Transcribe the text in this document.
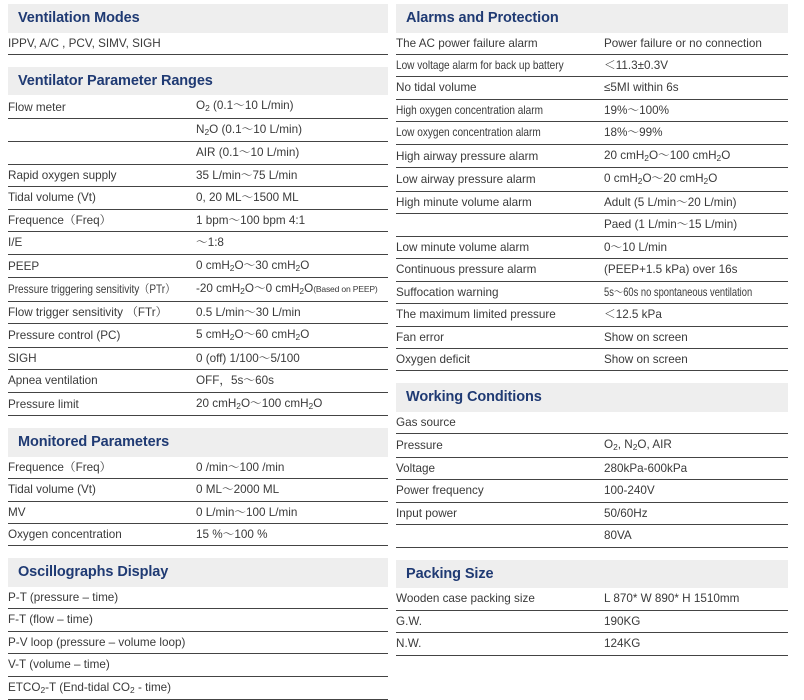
Ventilation Modes
IPPV, A/C , PCV, SIMV, SIGH
Ventilator Parameter Ranges
Flow meter	$O_2$ (0.1〜10 L/min)
	$N_2O$ (0.1〜10 L/min)
	AIR (0.1〜10 L/min)
Rapid oxygen supply	35 L/min〜75 L/min
Tidal volume (Vt)	0, 20 ML〜1500 ML
Frequence（Freq）	1 bpm〜100 bpm 4:1
I/E	〜1:8
PEEP	0 cmH$_2$O〜30 cmH$_2$O
Pressure triggering sensitivity（PTr）	-20 cmH$_2$O〜0 cmH$_2$O(Based on PEEP)
Flow trigger sensitivity （FTr）	0.5 L/min〜30 L/min
Pressure control (PC)	5 cmH$_2$O〜60 cmH$_2$O
SIGH	0 (off) 1/100〜5/100
Apnea ventilation	OFF，5s〜60s
Pressure limit	20 cmH$_2$O〜100 cmH$_2$O
Monitored Parameters
Frequence（Freq）	0 /min〜100 /min
Tidal volume (Vt)	0 ML〜2000 ML
MV	0 L/min〜100 L/min
Oxygen concentration	15 %〜100 %
Oscillographs Display
P-T (pressure – time)
F-T (flow – time)
P-V loop (pressure – volume loop)
V-T (volume – time)
$ETCO_2-T$ (End-tidal $CO_2$ - time)
Alarms and Protection
The AC power failure alarm	Power failure or no connection
Low voltage alarm for back up battery	＜11.3±0.3V
No tidal volume	≤5MI within 6s
High oxygen concentration alarm	19%〜100%
Low oxygen concentration alarm	18%〜99%
High airway pressure alarm	20 cmH$_2$O〜100 cmH$_2$O
Low airway pressure alarm	0 cmH$_2$O〜20 cmH$_2$O
High minute volume alarm	Adult (5 L/min〜20 L/min)
	Paed (1 L/min〜15 L/min)
Low minute volume alarm	0〜10 L/min
Continuous pressure alarm	(PEEP+1.5 kPa) over 16s
Suffocation warning	5s～60s no spontaneous ventilation
The maximum limited pressure	＜12.5 kPa
Fan error	Show on screen
Oxygen deficit	Show on screen
Working Conditions
Gas source	
Pressure	$O_2$, $N_2O$, AIR
Voltage	280kPa-600kPa
Power frequency	100-240V
Input power	50/60Hz
	80VA
Packing Size
Wooden case packing size	L 870* W 890* H 1510mm
G.W.	190KG
N.W.	124KG
